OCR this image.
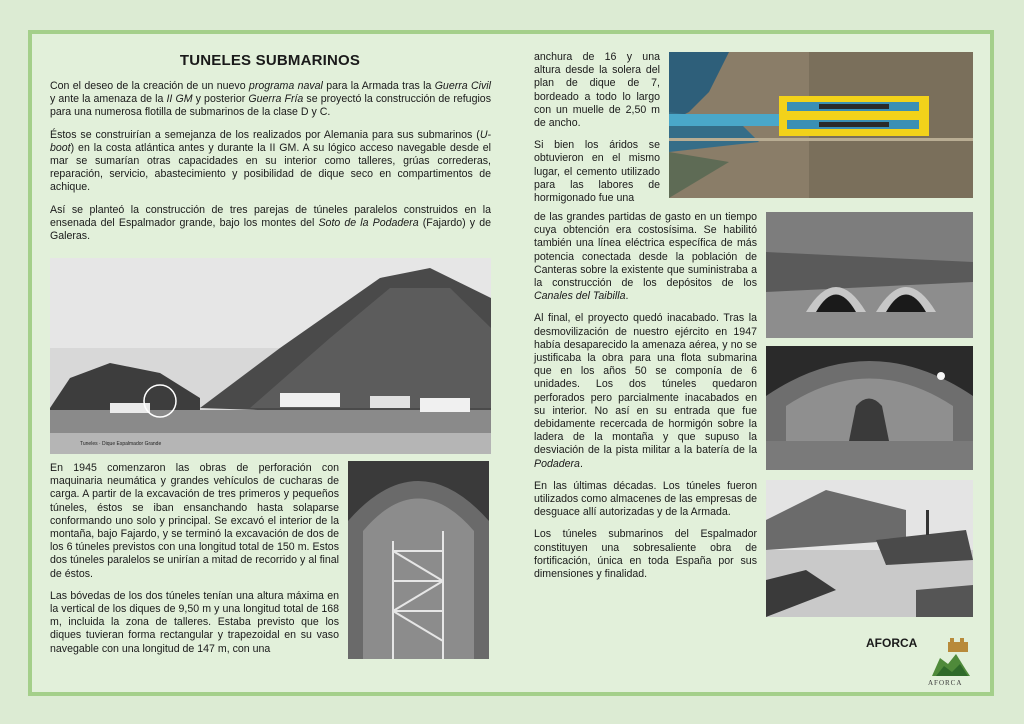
TUNELES SUBMARINOS

Con el deseo de la creación de un nuevo programa naval para la Armada tras la Guerra Civil y ante la amenaza de la II GM y posterior Guerra Fría se proyectó la construcción de refugios para una numerosa flotilla de submarinos de la clase D y C.

Éstos se construirían a semejanza de los realizados por Alemania para sus submarinos (U-boot) en la costa atlántica antes y durante la II GM. A su lógico acceso navegable desde el mar se sumarían otras capacidades en su interior como talleres, grúas correderas, reparación, servicio, abastecimiento y posibilidad de dique seco en compartimentos de achique.

Así se planteó la construcción de tres parejas de túneles paralelos construidos en la ensenada del Espalmador grande, bajo los montes del Soto de la Podadera (Fajardo) y de Galeras.

Tuneles · Dique Espalmador Grande

En 1945 comenzaron las obras de perforación con maquinaria neumática y grandes vehículos de cucharas de carga. A partir de la excavación de tres primeros y pequeños túneles, éstos se iban ensanchando hasta solaparse conformando uno solo y principal. Se excavó el interior de la montaña, bajo Fajardo, y se terminó la excavación de dos de los 6 túneles previstos con una longitud total de 150 m. Estos dos túneles paralelos se unirían a mitad de recorrido y al final de éstos.

Las bóvedas de los dos túneles tenían una altura máxima en la vertical de los diques de 9,50 m y una longitud total de 168 m, incluida la zona de talleres. Estaba previsto que los diques tuvieran forma rectangular y trapezoidal en su vaso navegable con una longitud de 147 m, con una

anchura de 16 y una altura desde la solera del plan de dique de 7, bordeado a todo lo largo con un muelle de 2,50 m de ancho.

Si bien los áridos se obtuvieron en el mismo lugar, el cemento utilizado para las labores de hormigonado fue una

de las grandes partidas de gasto en un tiempo cuya obtención era costosísima. Se habilitó también una línea eléctrica específica de más potencia conectada desde la población de Canteras sobre la existente que suministraba a la construcción de los depósitos de los Canales del Taibilla.

Al final, el proyecto quedó inacabado. Tras la desmovilización de nuestro ejército en 1947 había desaparecido la amenaza aérea, y no se justificaba la obra para una flota submarina que en los años 50 se componía de 6 unidades. Los dos túneles quedaron perforados pero parcialmente inacabados en su interior. No así en su entrada que fue debidamente recercada de hormigón sobre la ladera de la montaña y que supuso la desviación de la pista militar a la batería de la Podadera.

En las últimas décadas. Los túneles fueron utilizados como almacenes de las empresas de desguace allí autorizadas y de la Armada.

Los túneles submarinos del Espalmador constituyen una sobresaliente obra de fortificación, única en toda España por sus dimensiones y finalidad.

AFORCA
AFORCA
